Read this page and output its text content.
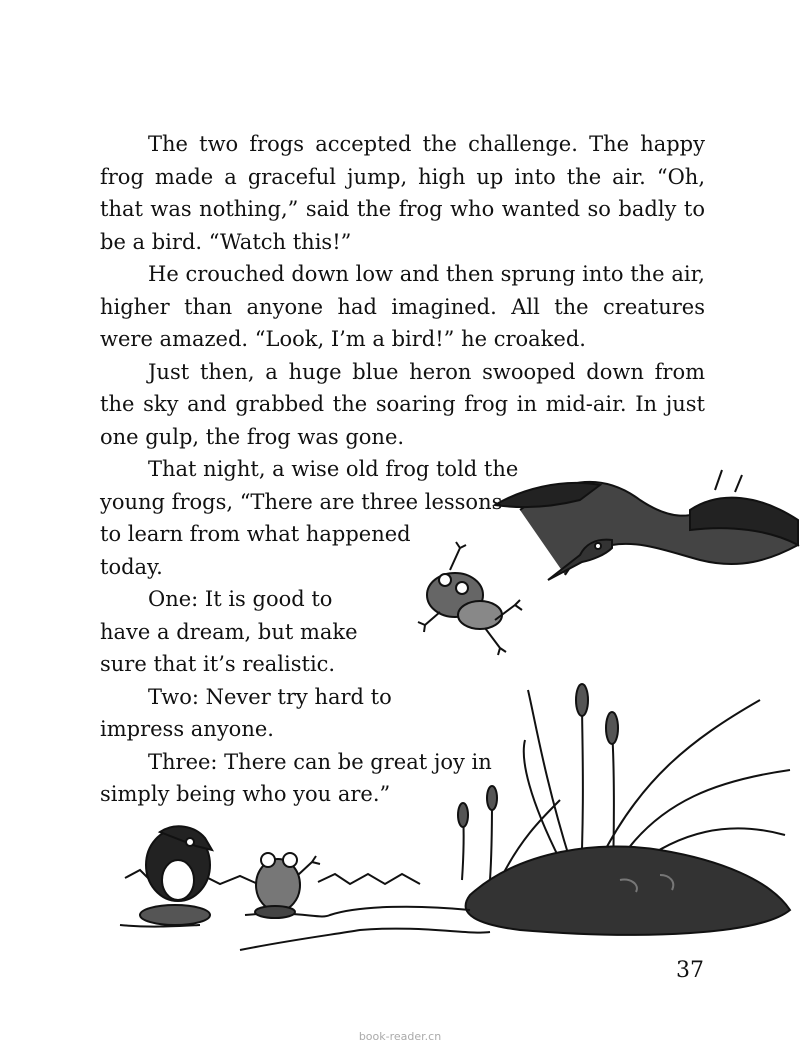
The two frogs accepted the challenge. The happy frog made a graceful jump, high up into the air. “Oh, that was nothing,” said the frog who wanted so badly to be a bird. “Watch this!”

He crouched down low and then sprung into the air, higher than anyone had imagined. All the creatures were amazed. “Look, I’m a bird!” he croaked.

Just then, a huge blue heron swooped down from the sky and grabbed the soaring frog in mid-air. In just one gulp, the frog was gone.

That night, a wise old frog told the
young frogs, “There are three lessons
to learn from what happened
today.
One: It is good to
have a dream, but make
sure that it’s realistic.
Two: Never try hard to
impress anyone.
Three: There can be great joy in
simply being who you are.”
37
book-reader.cn
